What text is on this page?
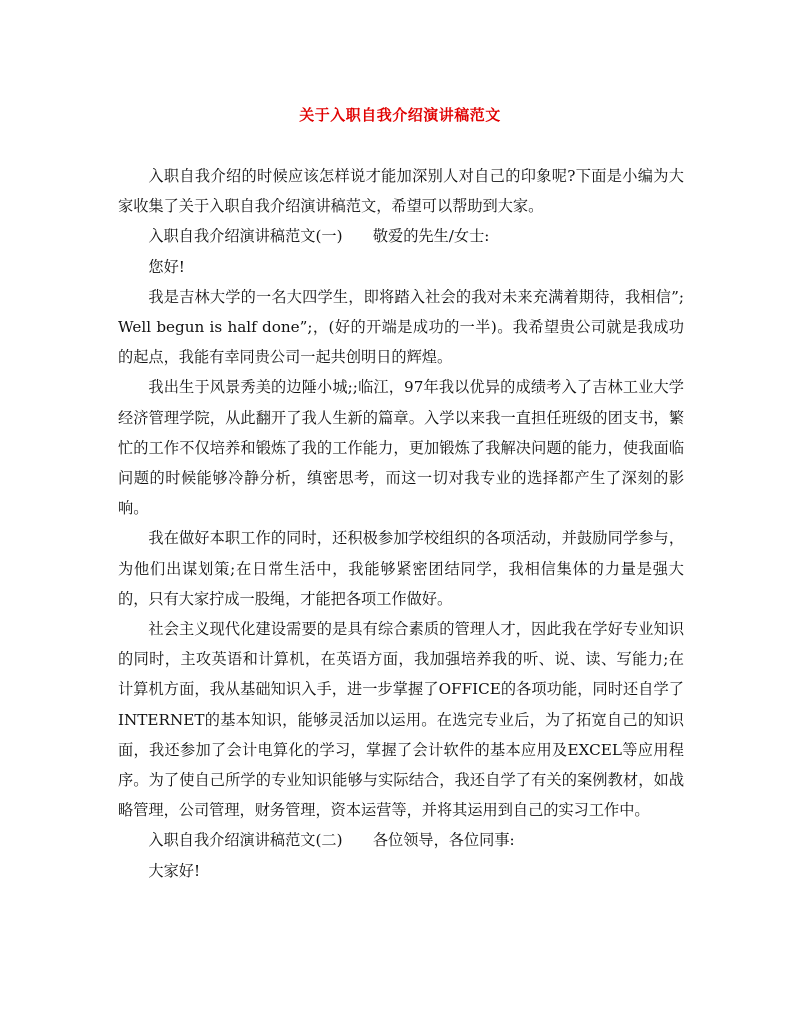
关于入职自我介绍演讲稿范文

入职自我介绍的时候应该怎样说才能加深别人对自己的印象呢?下面是小编为大家收集了关于入职自我介绍演讲稿范文，希望可以帮助到大家。

入职自我介绍演讲稿范文(一)　　敬爱的先生/女士:

您好!

我是吉林大学的一名大四学生，即将踏入社会的我对未来充满着期待，我相信”;Well begun is half done”;，(好的开端是成功的一半)。我希望贵公司就是我成功的起点，我能有幸同贵公司一起共创明日的辉煌。

我出生于风景秀美的边陲小城;;临江，97年我以优异的成绩考入了吉林工业大学经济管理学院，从此翻开了我人生新的篇章。入学以来我一直担任班级的团支书，繁忙的工作不仅培养和锻炼了我的工作能力，更加锻炼了我解决问题的能力，使我面临问题的时候能够冷静分析，缜密思考，而这一切对我专业的选择都产生了深刻的影响。

我在做好本职工作的同时，还积极参加学校组织的各项活动，并鼓励同学参与，为他们出谋划策;在日常生活中，我能够紧密团结同学，我相信集体的力量是强大的，只有大家拧成一股绳，才能把各项工作做好。

社会主义现代化建设需要的是具有综合素质的管理人才，因此我在学好专业知识的同时，主攻英语和计算机，在英语方面，我加强培养我的听、说、读、写能力;在计算机方面，我从基础知识入手，进一步掌握了OFFICE的各项功能，同时还自学了INTERNET的基本知识，能够灵活加以运用。在选完专业后，为了拓宽自己的知识面，我还参加了会计电算化的学习，掌握了会计软件的基本应用及EXCEL等应用程序。为了使自己所学的专业知识能够与实际结合，我还自学了有关的案例教材，如战略管理，公司管理，财务管理，资本运营等，并将其运用到自己的实习工作中。

入职自我介绍演讲稿范文(二)　　各位领导，各位同事:

大家好!
